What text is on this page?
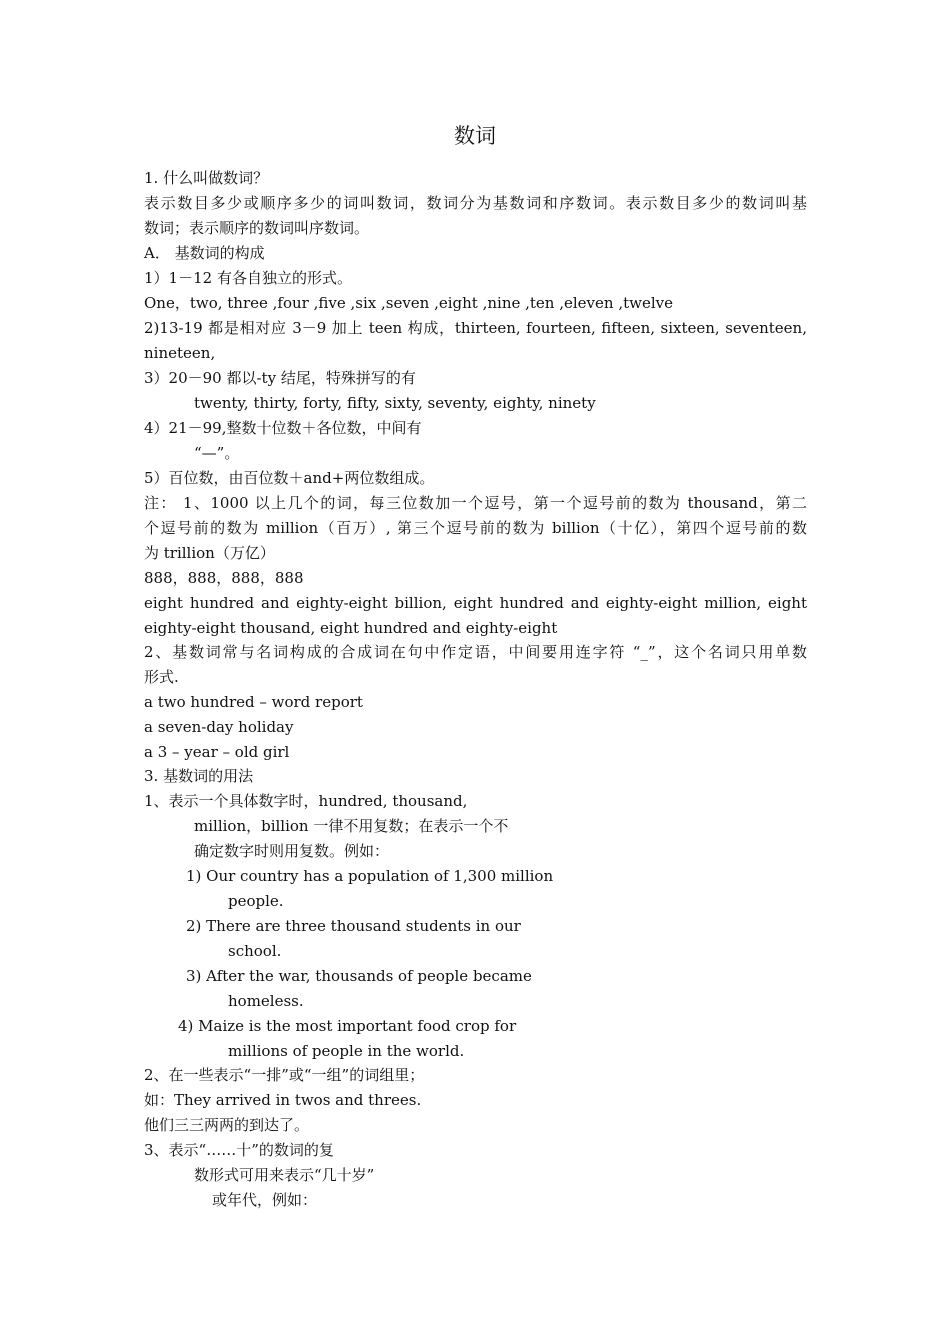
数词
1. 什么叫做数词？
表示数目多少或顺序多少的词叫数词，数词分为基数词和序数词。表示数目多少的数词叫基
数词；表示顺序的数词叫序数词。
A． 基数词的构成
1）1－12 有各自独立的形式。
One，two, three ,four ,five ,six ,seven ,eight ,nine ,ten ,eleven ,twelve
2)13-19 都是相对应 3－9 加上 teen 构成，thirteen, fourteen, fifteen, sixteen, seventeen,
nineteen,
3）20－90 都以-ty 结尾，特殊拼写的有
twenty, thirty, forty, fifty, sixty, seventy, eighty, ninety
4）21－99,整数十位数＋各位数，中间有
“—”。
5）百位数，由百位数＋and+两位数组成。
注： 1、1000 以上几个的词，每三位数加一个逗号，第一个逗号前的数为 thousand，第二
个逗号前的数为 million（百万）, 第三个逗号前的数为 billion（十亿），第四个逗号前的数
为 trillion（万亿）
888，888，888，888
eight hundred and eighty-eight billion, eight hundred and eighty-eight million, eight
eighty-eight thousand, eight hundred and eighty-eight
2、基数词常与名词构成的合成词在句中作定语，中间要用连字符 “_”，这个名词只用单数
形式.
a two hundred – word report
a seven-day holiday
a 3 – year – old girl
3. 基数词的用法
1、表示一个具体数字时，hundred, thousand,
million，billion 一律不用复数；在表示一个不
确定数字时则用复数。例如：
1) Our country has a population of 1,300 million
people.
2) There are three thousand students in our
school.
3) After the war, thousands of people became
homeless.
4) Maize is the most important food crop for
millions of people in the world.
2、在一些表示“一排”或“一组”的词组里；
如：They arrived in twos and threes.
他们三三两两的到达了。
3、表示“……十”的数词的复
数形式可用来表示“几十岁”
或年代，例如：
